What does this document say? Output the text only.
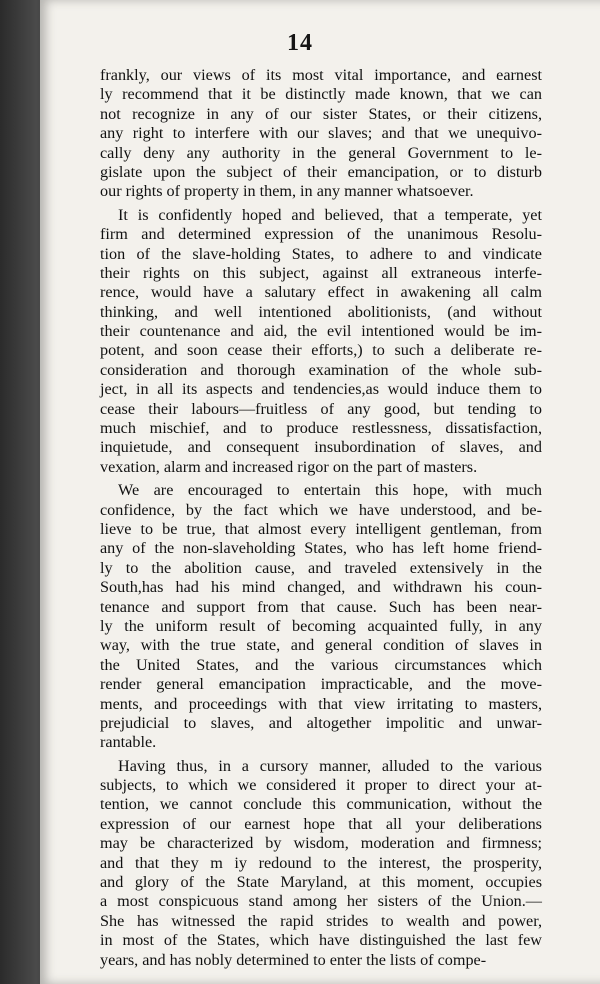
14
frankly, our views of its most vital importance, and earnest
ly recommend that it be distinctly made known, that we can
not recognize in any of our sister States, or their citizens,
any right to interfere with our slaves; and that we unequivo-
cally deny any authority in the general Government to le-
gislate upon the subject of their emancipation, or to disturb
our rights of property in them, in any manner whatsoever.
It is confidently hoped and believed, that a temperate, yet
firm and determined expression of the unanimous Resolu-
tion of the slave-holding States, to adhere to and vindicate
their rights on this subject, against all extraneous interfe-
rence, would have a salutary effect in awakening all calm
thinking, and well intentioned abolitionists, (and without
their countenance and aid, the evil intentioned would be im-
potent, and soon cease their efforts,) to such a deliberate re-
consideration and thorough examination of the whole sub-
ject, in all its aspects and tendencies,as would induce them to
cease their labours—fruitless of any good, but tending to
much mischief, and to produce restlessness, dissatisfaction,
inquietude, and consequent insubordination of slaves, and
vexation, alarm and increased rigor on the part of masters.
We are encouraged to entertain this hope, with much
confidence, by the fact which we have understood, and be-
lieve to be true, that almost every intelligent gentleman, from
any of the non-slaveholding States, who has left home friend-
ly to the abolition cause, and traveled extensively in the
South,has had his mind changed, and withdrawn his coun-
tenance and support from that cause. Such has been near-
ly the uniform result of becoming acquainted fully, in any
way, with the true state, and general condition of slaves in
the United States, and the various circumstances which
render general emancipation impracticable, and the move-
ments, and proceedings with that view irritating to masters,
prejudicial to slaves, and altogether impolitic and unwar-
rantable.
Having thus, in a cursory manner, alluded to the various
subjects, to which we considered it proper to direct your at-
tention, we cannot conclude this communication, without the
expression of our earnest hope that all your deliberations
may be characterized by wisdom, moderation and firmness;
and that they m iy redound to the interest, the prosperity,
and glory of the State Maryland, at this moment, occupies
a most conspicuous stand among her sisters of the Union.—
She has witnessed the rapid strides to wealth and power,
in most of the States, which have distinguished the last few
years, and has nobly determined to enter the lists of compe-
